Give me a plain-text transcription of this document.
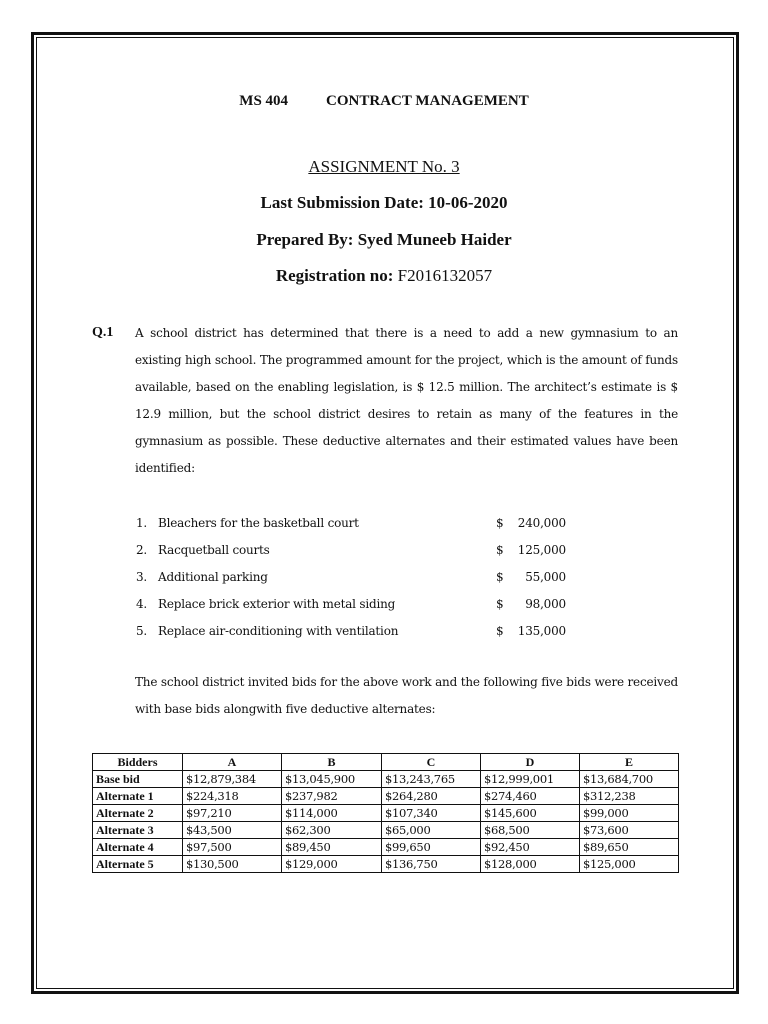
MS 404	CONTRACT MANAGEMENT
ASSIGNMENT No. 3
Last Submission Date: 10-06-2020
Prepared By: Syed Muneeb Haider
Registration no: F2016132057
Q.1 A school district has determined that there is a need to add a new gymnasium to an existing high school. The programmed amount for the project, which is the amount of funds available, based on the enabling legislation, is $ 12.5 million. The architect’s estimate is $ 12.9 million, but the school district desires to retain as many of the features in the gymnasium as possible. These deductive alternates and their estimated values have been identified:
1. Bleachers for the basketball court	$	240,000
2. Racquetball courts	$	125,000
3. Additional parking	$	55,000
4. Replace brick exterior with metal siding	$	98,000
5. Replace air-conditioning with ventilation	$	135,000
The school district invited bids for the above work and the following five bids were received with base bids alongwith five deductive alternates:
Bidders	A	B	C	D	E
Base bid	$12,879,384	$13,045,900	$13,243,765	$12,999,001	$13,684,700
Alternate 1	$224,318	$237,982	$264,280	$274,460	$312,238
Alternate 2	$97,210	$114,000	$107,340	$145,600	$99,000
Alternate 3	$43,500	$62,300	$65,000	$68,500	$73,600
Alternate 4	$97,500	$89,450	$99,650	$92,450	$89,650
Alternate 5	$130,500	$129,000	$136,750	$128,000	$125,000
